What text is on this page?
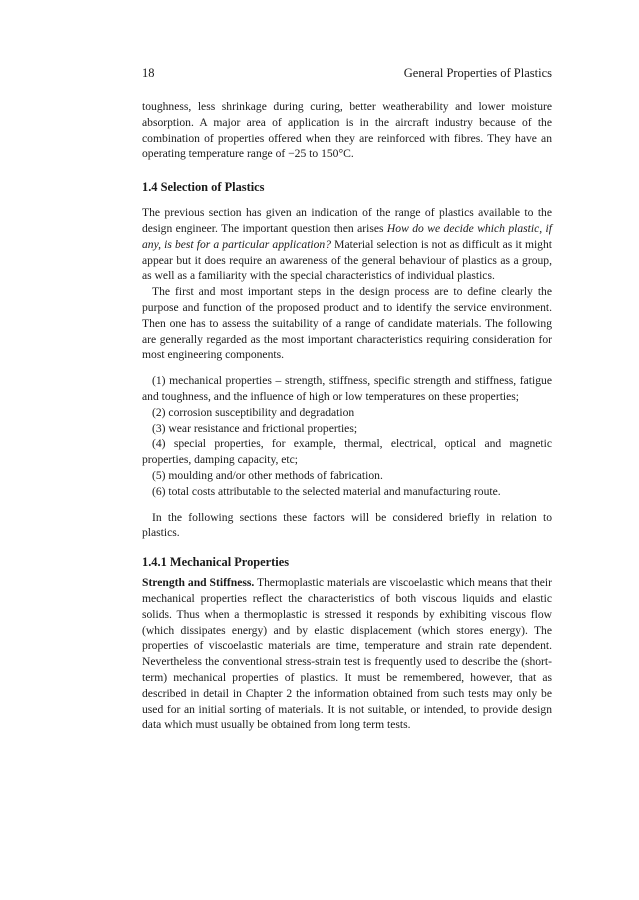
18	General Properties of Plastics

toughness, less shrinkage during curing, better weatherability and lower moisture absorption. A major area of application is in the aircraft industry because of the combination of properties offered when they are reinforced with fibres. They have an operating temperature range of −25 to 150°C.

1.4 Selection of Plastics

The previous section has given an indication of the range of plastics available to the design engineer. The important question then arises How do we decide which plastic, if any, is best for a particular application? Material selection is not as difficult as it might appear but it does require an awareness of the general behaviour of plastics as a group, as well as a familiarity with the special characteristics of individual plastics.

The first and most important steps in the design process are to define clearly the purpose and function of the proposed product and to identify the service environment. Then one has to assess the suitability of a range of candidate materials. The following are generally regarded as the most important characteristics requiring consideration for most engineering components.

(1) mechanical properties – strength, stiffness, specific strength and stiffness, fatigue and toughness, and the influence of high or low temperatures on these properties;

(2) corrosion susceptibility and degradation

(3) wear resistance and frictional properties;

(4) special properties, for example, thermal, electrical, optical and magnetic properties, damping capacity, etc;

(5) moulding and/or other methods of fabrication.

(6) total costs attributable to the selected material and manufacturing route.

In the following sections these factors will be considered briefly in relation to plastics.

1.4.1 Mechanical Properties

Strength and Stiffness. Thermoplastic materials are viscoelastic which means that their mechanical properties reflect the characteristics of both viscous liquids and elastic solids. Thus when a thermoplastic is stressed it responds by exhibiting viscous flow (which dissipates energy) and by elastic displacement (which stores energy). The properties of viscoelastic materials are time, temperature and strain rate dependent. Nevertheless the conventional stress-strain test is frequently used to describe the (short-term) mechanical properties of plastics. It must be remembered, however, that as described in detail in Chapter 2 the information obtained from such tests may only be used for an initial sorting of materials. It is not suitable, or intended, to provide design data which must usually be obtained from long term tests.
